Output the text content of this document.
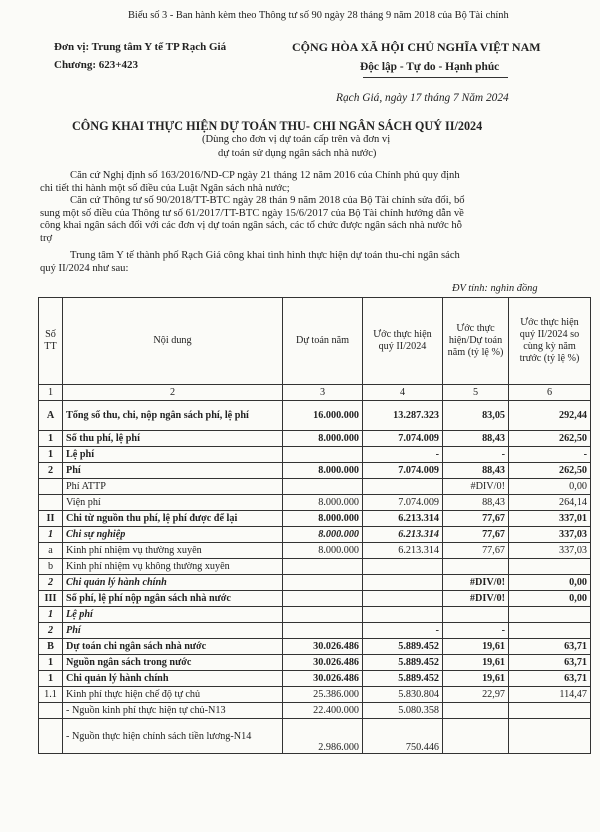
Biểu số 3 - Ban hành kèm theo Thông tư số 90 ngày 28 tháng 9 năm 2018 của Bộ Tài chính
Đơn vị: Trung tâm Y tế TP Rạch Giá
Chương: 623+423
CỘNG HÒA XÃ HỘI CHỦ NGHĨA VIỆT NAM
Độc lập - Tự do - Hạnh phúc
Rạch Giá, ngày 17 tháng 7 Năm 2024
CÔNG KHAI THỰC HIỆN DỰ TOÁN THU- CHI NGÂN SÁCH QUÝ II/2024
(Dùng cho đơn vị dự toán cấp trên và đơn vị
dự toán sử dụng ngân sách nhà nước)
Căn cứ Nghị định số 163/2016/ND-CP ngày 21 tháng 12 năm 2016 của Chính phủ quy định
chi tiết thi hành một số điều của Luật Ngân sách nhà nước;
Căn cứ Thông tư số 90/2018/TT-BTC ngày 28 thán 9 năm 2018 của Bộ Tài chính sửa đổi, bổ
sung một số điều của Thông tư số 61/2017/TT-BTC ngày 15/6/2017 của Bộ Tài chính hướng dẫn về
công khai ngân sách đối với các đơn vị dự toán ngân sách, các tổ chức được ngân sách nhà nước hỗ
trợ
Trung tâm Y tế thành phố Rạch Giá công khai tình hình thực hiện dự toán thu-chi ngân sách
quý II/2024 như sau:
ĐV tính: nghìn đồng
Số TT	Nội dung	Dự toán năm	Ước thực hiện quý II/2024	Ước thực hiện/Dự toán năm (tỷ lệ %)	Ước thực hiện quý II/2024 so cùng kỳ năm trước (tỷ lệ %)
1	2	3	4	5	6
A	Tổng số thu, chi, nộp ngân sách phí, lệ phí	16.000.000	13.287.323	83,05	292,44
1	Số thu phí, lệ phí	8.000.000	7.074.009	88,43	262,50
1	Lệ phí		-	-	-
2	Phí	8.000.000	7.074.009	88,43	262,50
	Phí ATTP			#DIV/0!	0,00
	Viện phí	8.000.000	7.074.009	88,43	264,14
II	Chi từ nguồn thu phí, lệ phí được để lại	8.000.000	6.213.314	77,67	337,01
1	Chi sự nghiệp	8.000.000	6.213.314	77,67	337,03
a	Kinh phí nhiệm vụ thường xuyên	8.000.000	6.213.314	77,67	337,03
b	Kinh phí nhiệm vụ không thường xuyên				
2	Chi quản lý hành chính			#DIV/0!	0,00
III	Số phí, lệ phí nộp ngân sách nhà nước			#DIV/0!	0,00
1	Lệ phí				
2	Phí		-	-	
B	Dự toán chi ngân sách nhà nước	30.026.486	5.889.452	19,61	63,71
1	Nguồn ngân sách trong nước	30.026.486	5.889.452	19,61	63,71
1	Chi quản lý hành chính	30.026.486	5.889.452	19,61	63,71
1.1	Kinh phí thực hiện chế độ tự chủ	25.386.000	5.830.804	22,97	114,47
	- Nguồn kinh phí thực hiện tự chủ-N13	22.400.000	5.080.358		
	- Nguồn thực hiện chính sách tiền lương-N14	2.986.000	750.446		
